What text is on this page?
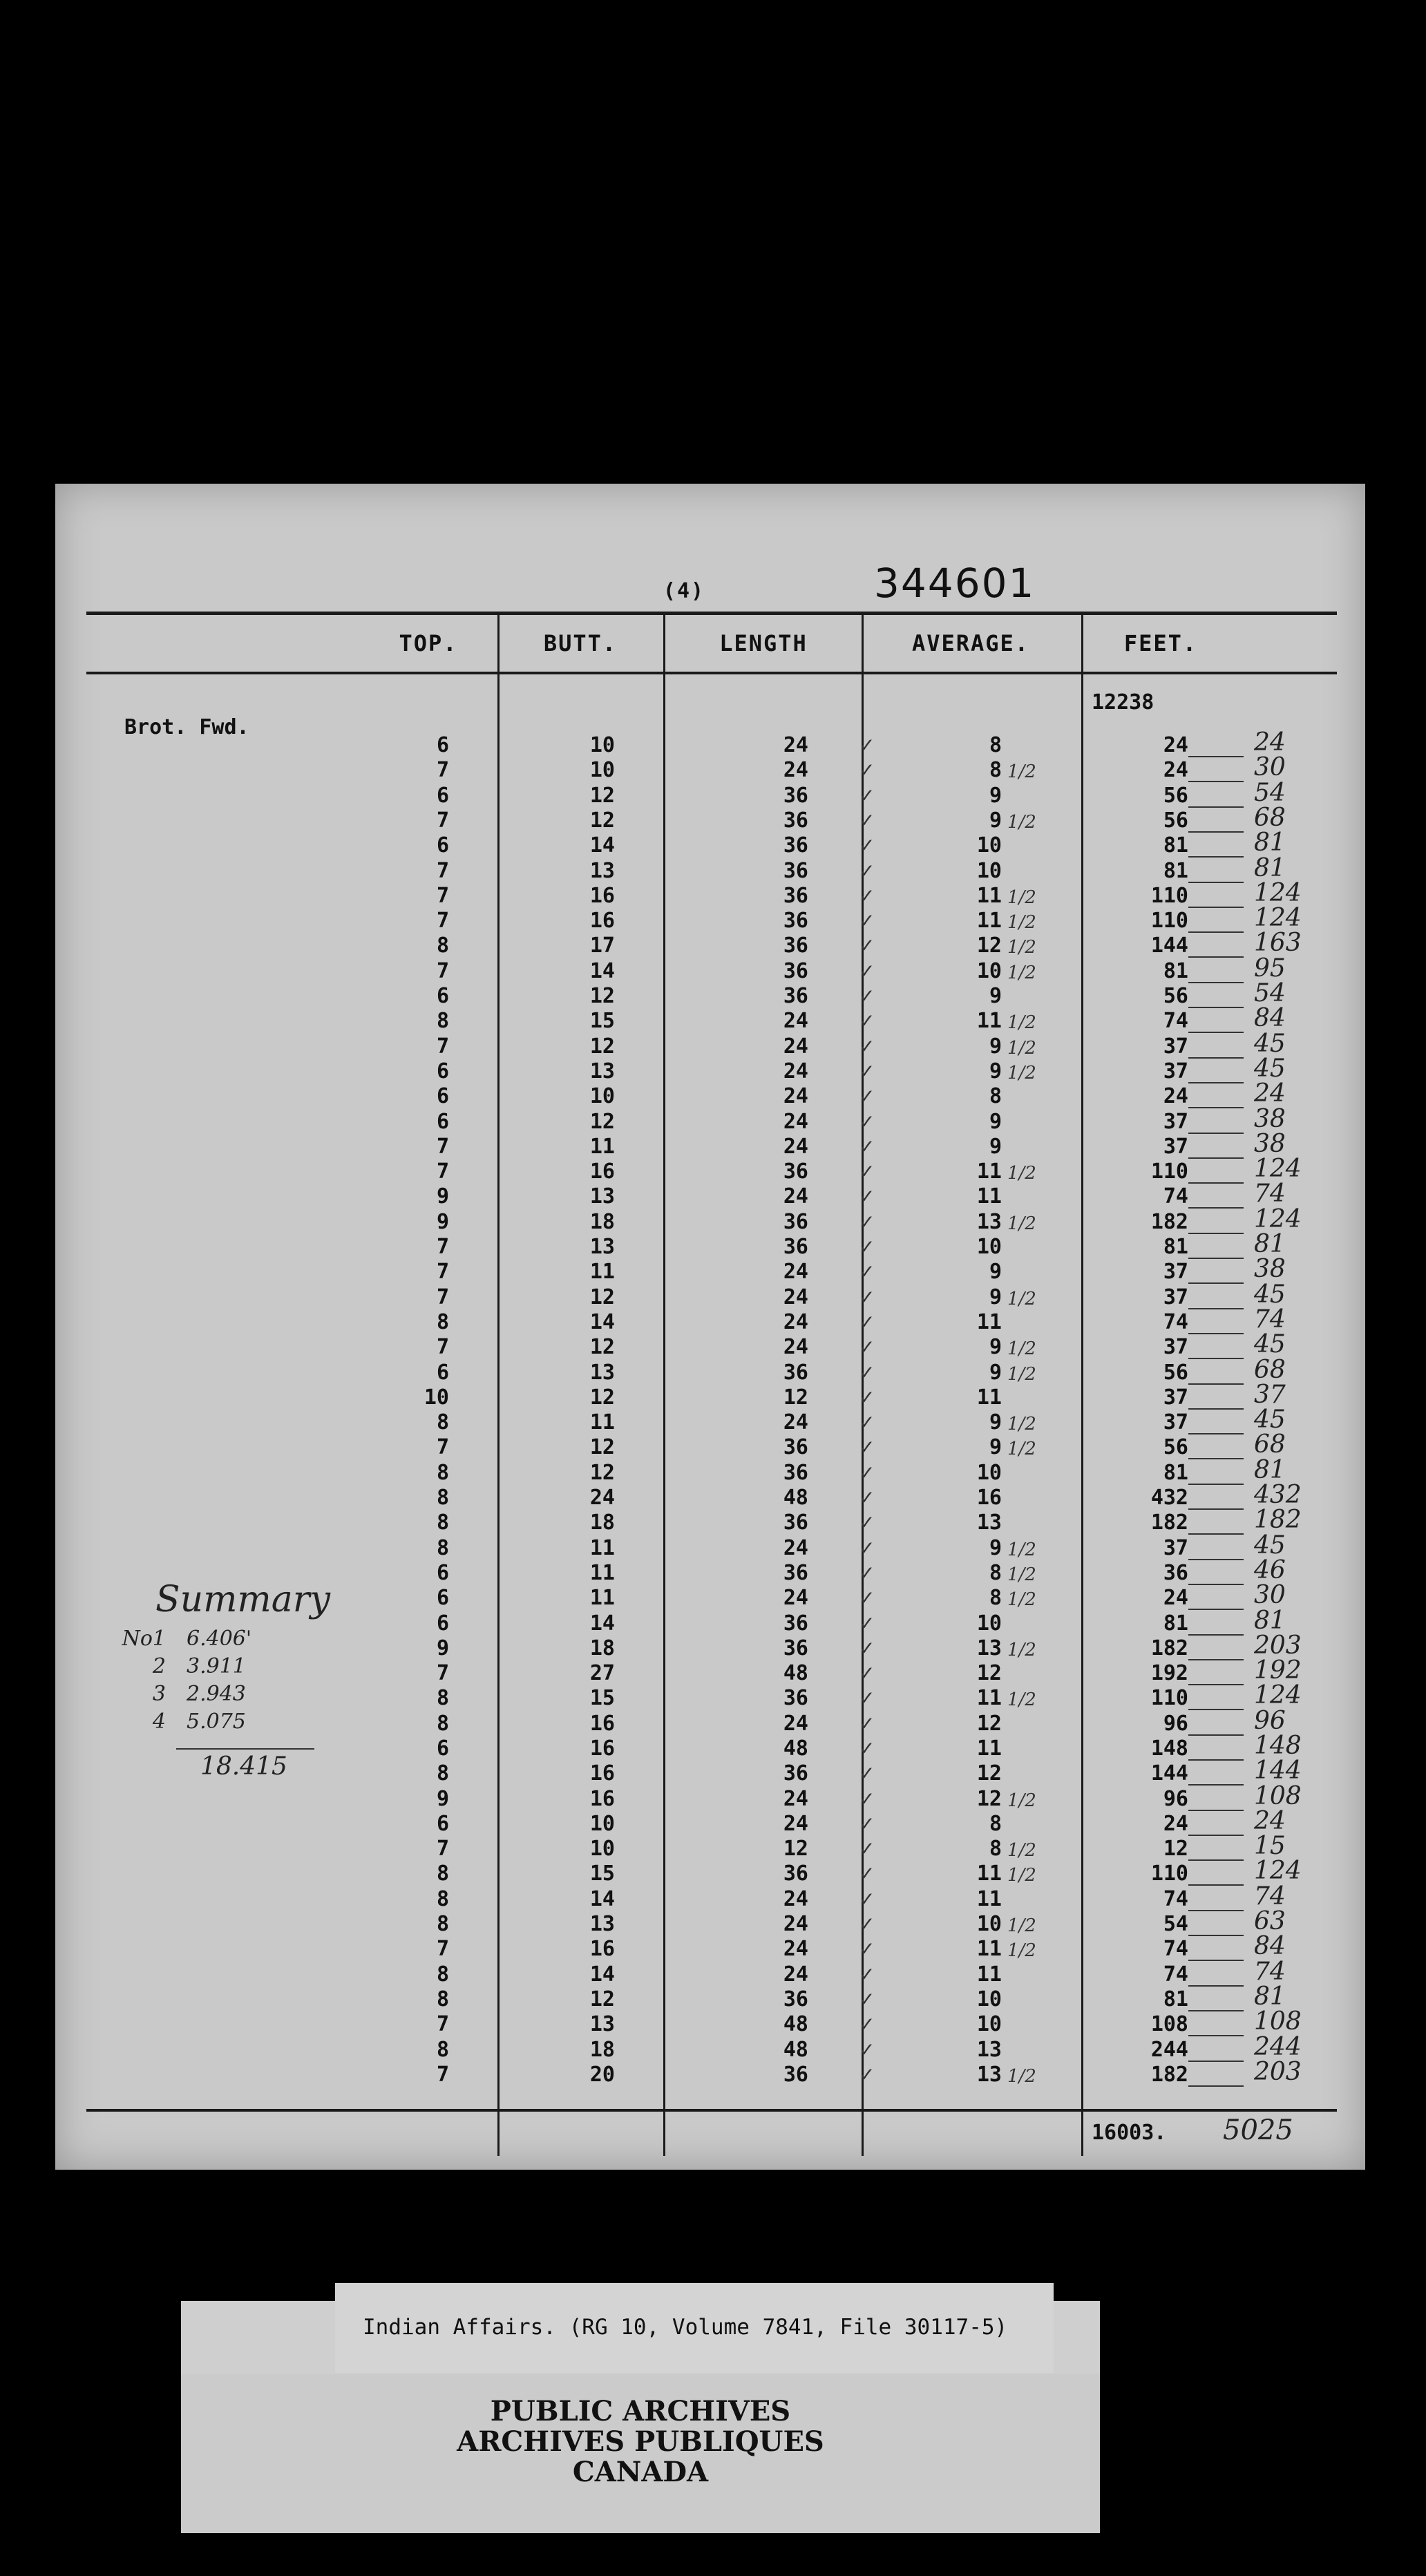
(4)	344601
TOP.	BUTT.	LENGTH	AVERAGE.	FEET.
Brot. Fwd.
12238
6	10	24	✓	8	24	24
7	10	24	✓	8 1/2	24	30
6	12	36	✓	9	56	54
7	12	36	✓	9 1/2	56	68
6	14	36	✓	10	81	81
7	13	36	✓	10	81	81
7	16	36	✓	11 1/2	110	124
7	16	36	✓	11 1/2	110	124
8	17	36	✓	12 1/2	144	163
7	14	36	✓	10 1/2	81	95
6	12	36	✓	9	56	54
8	15	24	✓	11 1/2	74	84
7	12	24	✓	9 1/2	37	45
6	13	24	✓	9 1/2	37	45
6	10	24	✓	8	24	24
6	12	24	✓	9	37	38
7	11	24	✓	9	37	38
7	16	36	✓	11 1/2	110	124
9	13	24	✓	11	74	74
9	18	36	✓	13 1/2	182	124
7	13	36	✓	10	81	81
7	11	24	✓	9	37	38
7	12	24	✓	9 1/2	37	45
8	14	24	✓	11	74	74
7	12	24	✓	9 1/2	37	45
6	13	36	✓	9 1/2	56	68
10	12	12	✓	11	37	37
8	11	24	✓	9 1/2	37	45
7	12	36	✓	9 1/2	56	68
8	12	36	✓	10	81	81
8	24	48	✓	16	432	432
8	18	36	✓	13	182	182
8	11	24	✓	9 1/2	37	45
6	11	36	✓	8 1/2	36	46
6	11	24	✓	8 1/2	24	30
6	14	36	✓	10	81	81
9	18	36	✓	13 1/2	182	203
7	27	48	✓	12	192	192
8	15	36	✓	11 1/2	110	124
8	16	24	✓	12	96	96
6	16	48	✓	11	148	148
8	16	36	✓	12	144	144
9	16	24	✓	12 1/2	96	108
6	10	24	✓	8	24	24
7	10	12	✓	8 1/2	12	15
8	15	36	✓	11 1/2	110	124
8	14	24	✓	11	74	74
8	13	24	✓	10 1/2	54	63
7	16	24	✓	11 1/2	74	84
8	14	24	✓	11	74	74
8	12	36	✓	10	81	81
7	13	48	✓	10	108	108
8	18	48	✓	13	244	244
7	20	36	✓	13 1/2	182	203
16003.	5025
Summary
No1 6.406'
2 3.911
3 2.943
4 5.075
18.415
Indian Affairs. (RG 10, Volume 7841, File 30117-5)
PUBLIC ARCHIVES
ARCHIVES PUBLIQUES
CANADA
